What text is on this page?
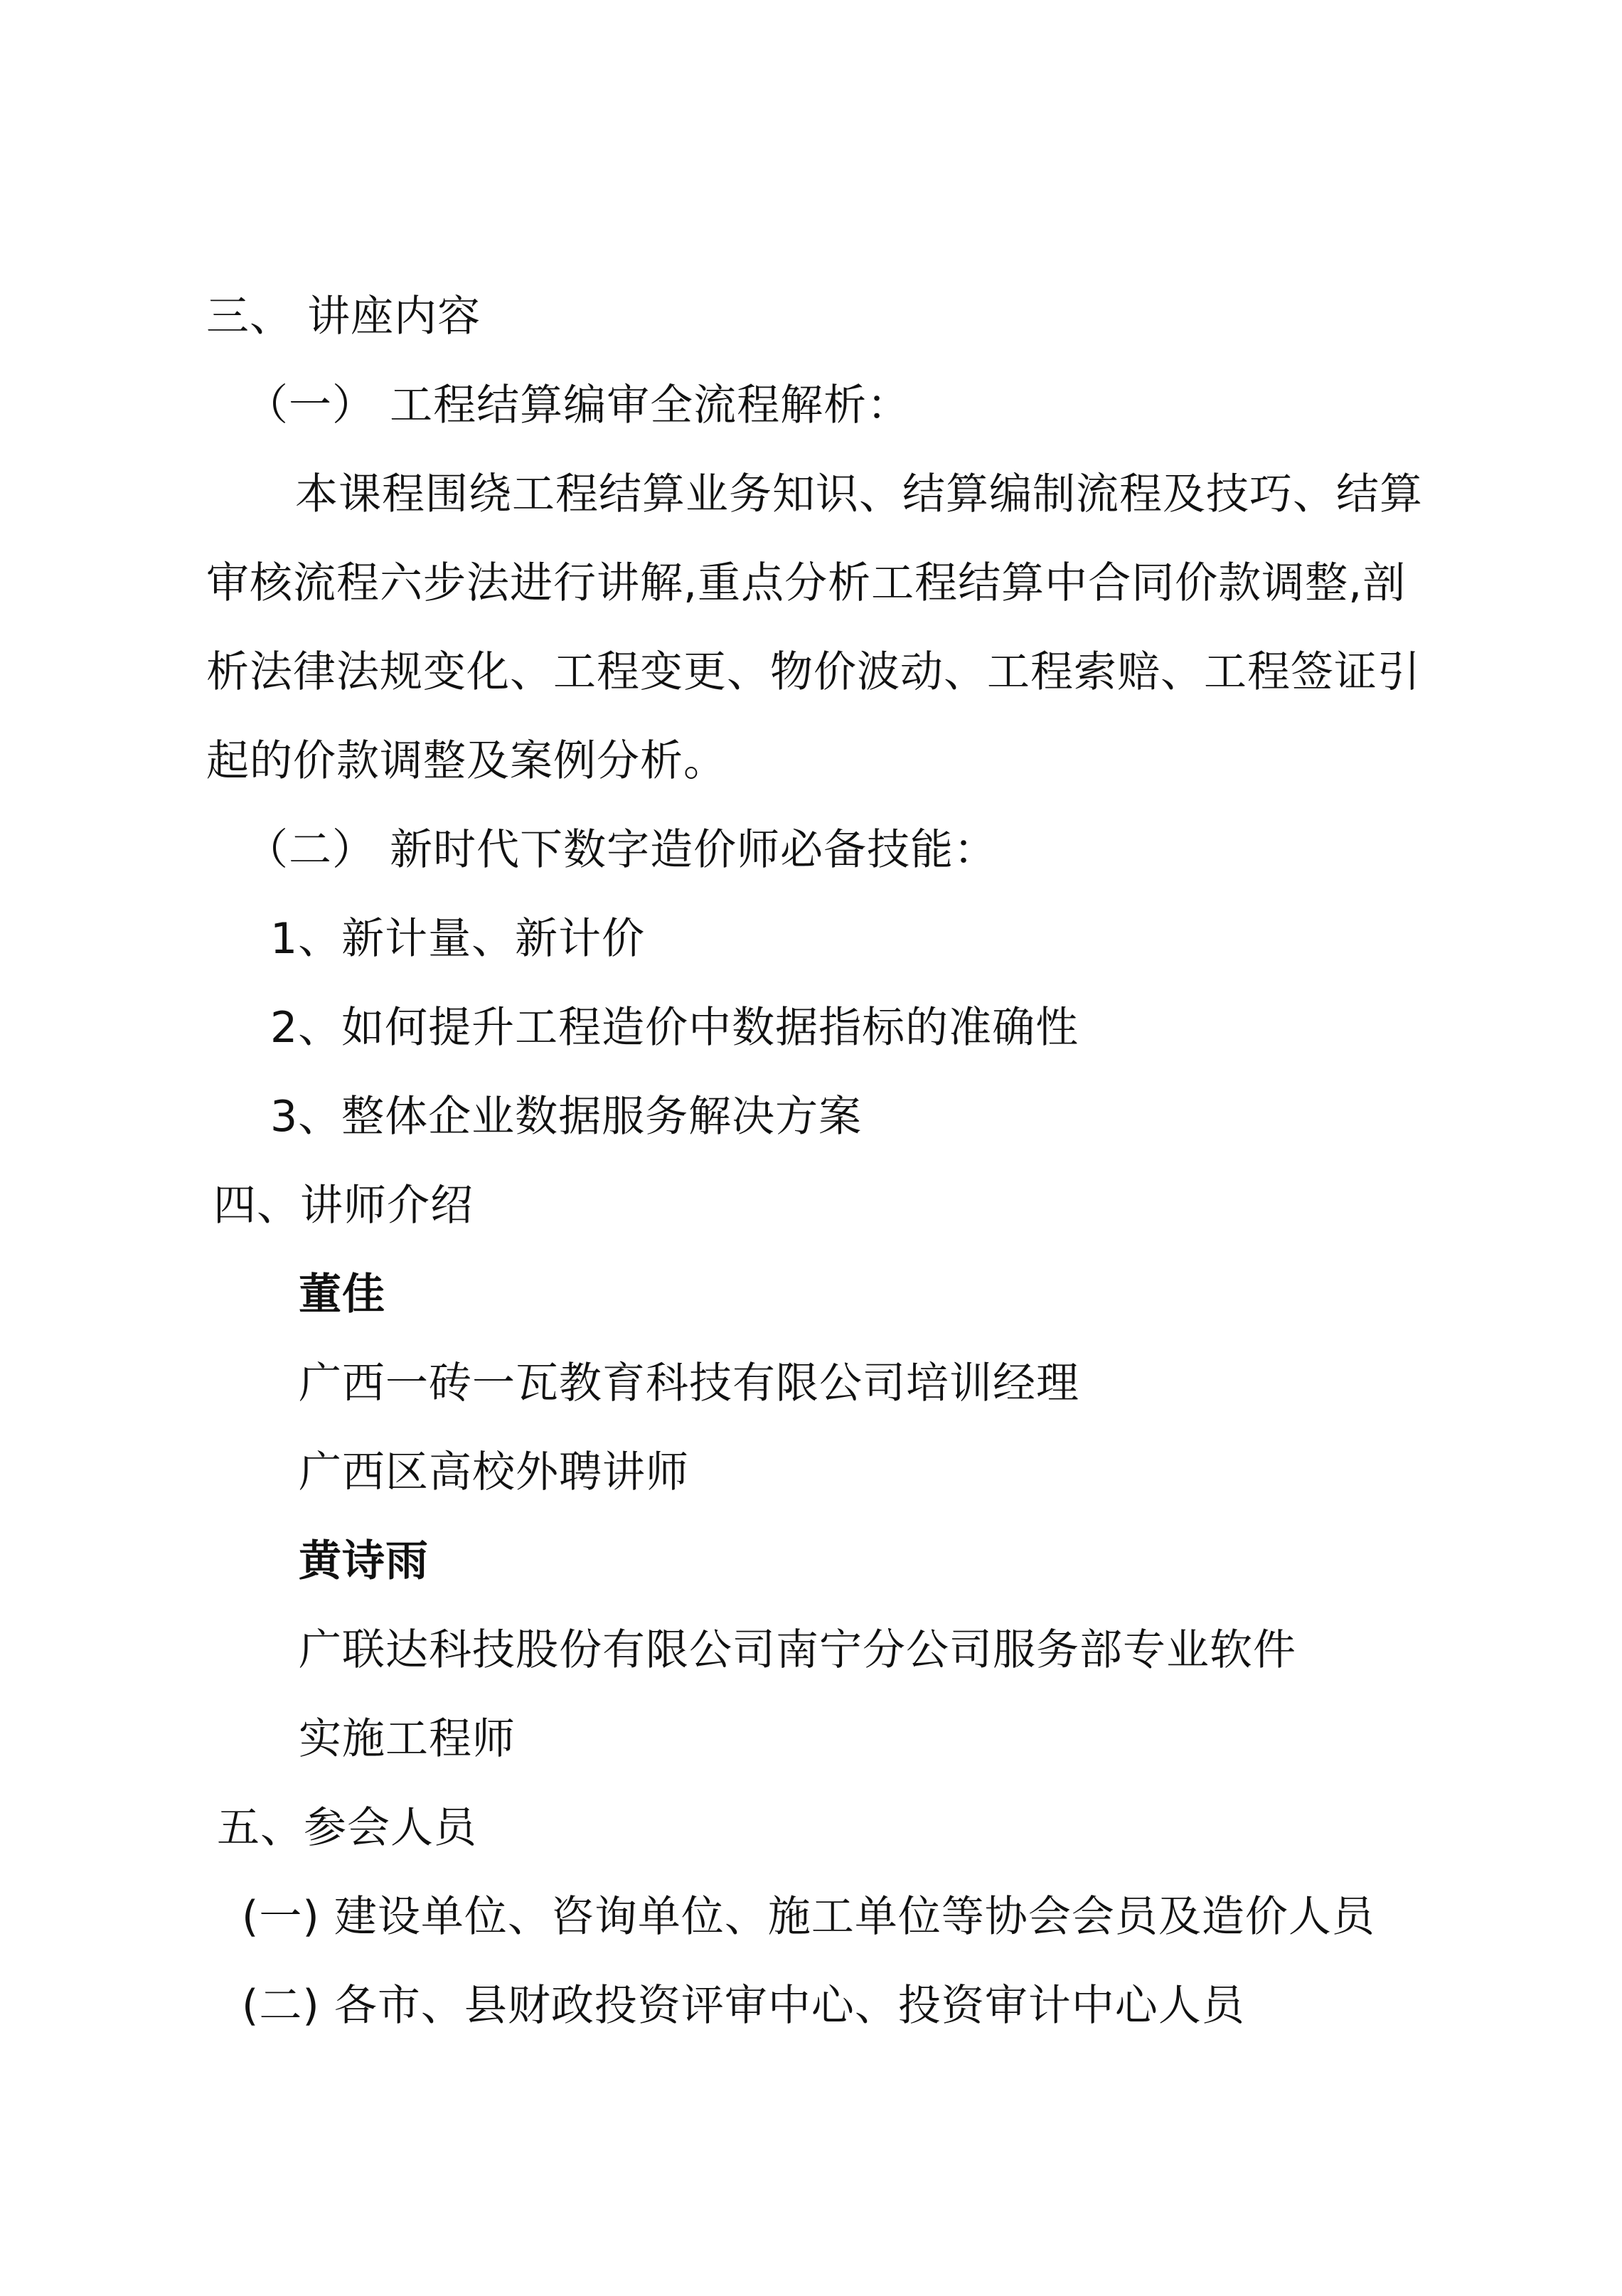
三、 讲座内容
（一） 工程结算编审全流程解析：
本课程围绕工程结算业务知识、结算编制流程及技巧、结算
审核流程六步法进行讲解,重点分析工程结算中合同价款调整,剖
析法律法规变化、工程变更、物价波动、工程索赔、工程签证引
起的价款调整及案例分析。
（二） 新时代下数字造价师必备技能：
1、新计量、新计价
2、如何提升工程造价中数据指标的准确性
3、整体企业数据服务解决方案
四、讲师介绍
董佳
广西一砖一瓦教育科技有限公司培训经理
广西区高校外聘讲师
黄诗雨
广联达科技股份有限公司南宁分公司服务部专业软件
实施工程师
五、参会人员
(一) 建设单位、咨询单位、施工单位等协会会员及造价人员
(二) 各市、县财政投资评审中心、投资审计中心人员
